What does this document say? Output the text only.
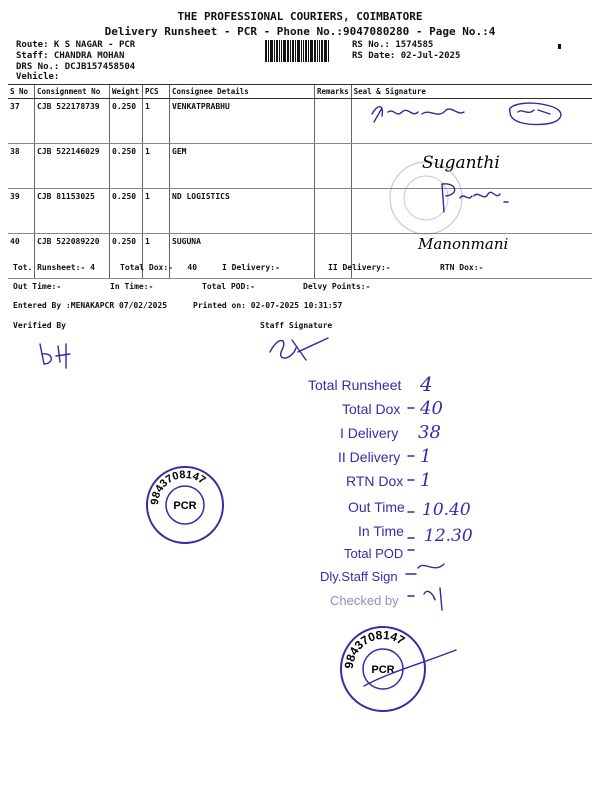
THE PROFESSIONAL COURIERS, COIMBATORE
Delivery Runsheet - PCR - Phone No.:9047080280 - Page No.:4
Route: K S NAGAR - PCR
Staff: CHANDRA MOHAN
DRS No.: DCJB157458504
Vehicle:
RS No.: 1574585
RS Date: 02-Jul-2025
S No	Consignment No	Weight	PCS	Consignee Details	Remarks	Seal & Signature
37	CJB 522178739	0.250	1	VENKATPRABHU		
38	CJB 522146029	0.250	1	GEM		
39	CJB 81153025	0.250	1	ND LOGISTICS		
40	CJB 522089220	0.250	1	SUGUNA		
Suganthi
Manonmani
Tot. Runsheet:- 4	Total Dox:-   40	I Delivery:-	II Delivery:-	RTN Dox:-
Out Time:-	In Time:-	Total POD:-	Delvy Points:-
Entered By :MENAKAPCR 07/02/2025	Printed on: 02-07-2025 10:31:57
Verified By	Staff Signature
Total Runsheet 4
Total Dox 40
I Delivery 38
II Delivery 1
RTN Dox 1
Out Time 10.40
In Time 12.30
Total POD
Dly.Staff Sign
Checked by
9843708147
PCR
9843708147
PCR
